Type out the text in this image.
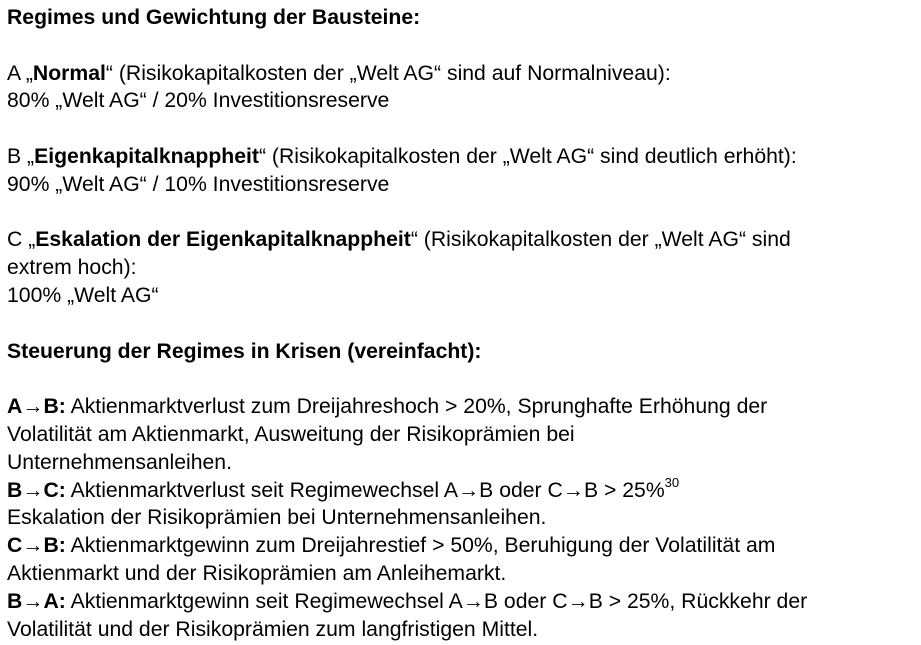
Regimes und Gewichtung der Bausteine:
A „Normal“ (Risikokapitalkosten der „Welt AG“ sind auf Normalniveau):
80% „Welt AG“ / 20% Investitionsreserve
B „Eigenkapitalknappheit“ (Risikokapitalkosten der „Welt AG“ sind deutlich erhöht):
90% „Welt AG“ / 10% Investitionsreserve
C „Eskalation der Eigenkapitalknappheit“ (Risikokapitalkosten der „Welt AG“ sind
extrem hoch):
100% „Welt AG“
Steuerung der Regimes in Krisen (vereinfacht):
A→B: Aktienmarktverlust zum Dreijahreshoch > 20%, Sprunghafte Erhöhung der
Volatilität am Aktienmarkt, Ausweitung der Risikoprämien bei
Unternehmensanleihen.
B→C: Aktienmarktverlust seit Regimewechsel A→B oder C→B > 25%$^{30}$
Eskalation der Risikoprämien bei Unternehmensanleihen.
C→B: Aktienmarktgewinn zum Dreijahrestief > 50%, Beruhigung der Volatilität am
Aktienmarkt und der Risikoprämien am Anleihemarkt.
B→A: Aktienmarktgewinn seit Regimewechsel A→B oder C→B > 25%, Rückkehr der
Volatilität und der Risikoprämien zum langfristigen Mittel.
